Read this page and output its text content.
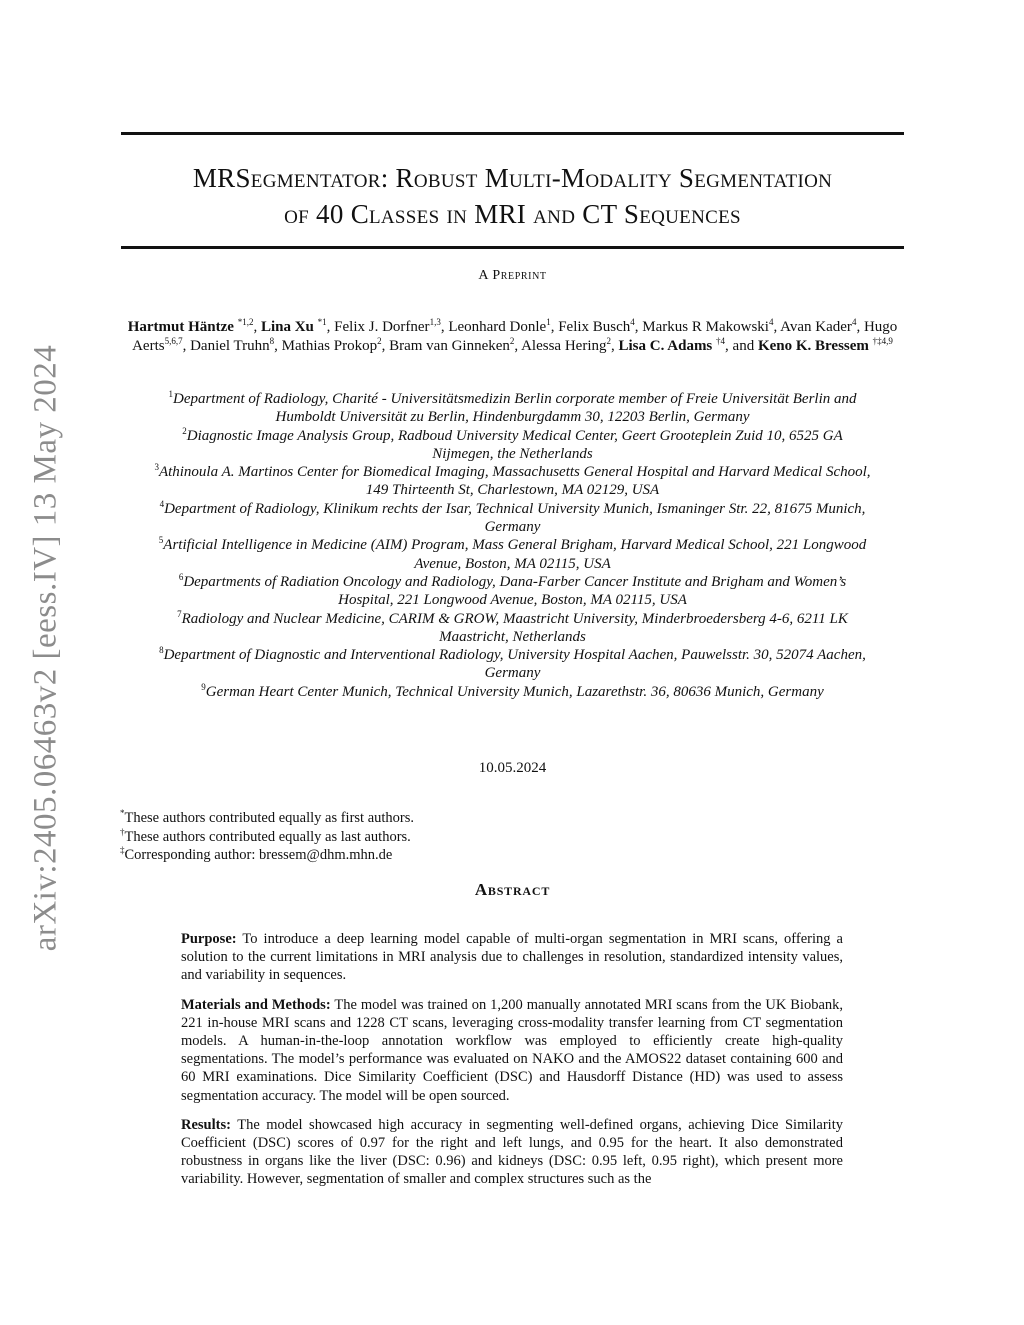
arXiv:2405.06463v2 [eess.IV] 13 May 2024
MRSegmentator: Robust Multi-Modality Segmentation
of 40 Classes in MRI and CT Sequences
A Preprint
Hartmut Häntze $^{*1,2}$, Lina Xu $^{*1}$, Felix J. Dorfner$^{1,3}$, Leonhard Donle$^1$, Felix Busch$^4$, Markus R Makowski$^4$, Avan Kader$^4$, Hugo Aerts$^{5,6,7}$, Daniel Truhn$^8$, Mathias Prokop$^2$, Bram van Ginneken$^2$, Alessa Hering$^2$, Lisa C. Adams $^{\dagger 4}$, and Keno K. Bressem $^{\dagger\ddagger 4,9}$
$^1$Department of Radiology, Charité - Universitätsmedizin Berlin corporate member of Freie Universität Berlin and
Humboldt Universität zu Berlin, Hindenburgdamm 30, 12203 Berlin, Germany
$^2$Diagnostic Image Analysis Group, Radboud University Medical Center, Geert Grooteplein Zuid 10, 6525 GA
Nijmegen, the Netherlands
$^3$Athinoula A. Martinos Center for Biomedical Imaging, Massachusetts General Hospital and Harvard Medical School,
149 Thirteenth St, Charlestown, MA 02129, USA
$^4$Department of Radiology, Klinikum rechts der Isar, Technical University Munich, Ismaninger Str. 22, 81675 Munich,
Germany
$^5$Artificial Intelligence in Medicine (AIM) Program, Mass General Brigham, Harvard Medical School, 221 Longwood
Avenue, Boston, MA 02115, USA
$^6$Departments of Radiation Oncology and Radiology, Dana-Farber Cancer Institute and Brigham and Women’s
Hospital, 221 Longwood Avenue, Boston, MA 02115, USA
$^7$Radiology and Nuclear Medicine, CARIM & GROW, Maastricht University, Minderbroedersberg 4-6, 6211 LK
Maastricht, Netherlands
$^8$Department of Diagnostic and Interventional Radiology, University Hospital Aachen, Pauwelsstr. 30, 52074 Aachen,
Germany
$^9$German Heart Center Munich, Technical University Munich, Lazarethstr. 36, 80636 Munich, Germany
10.05.2024
*These authors contributed equally as first authors.
†These authors contributed equally as last authors.
‡Corresponding author: bressem@dhm.mhn.de
Abstract

Purpose: To introduce a deep learning model capable of multi-organ segmentation in MRI scans, offering a solution to the current limitations in MRI analysis due to challenges in resolution, standardized intensity values, and variability in sequences.

Materials and Methods: The model was trained on 1,200 manually annotated MRI scans from the UK Biobank, 221 in-house MRI scans and 1228 CT scans, leveraging cross-modality transfer learning from CT segmentation models. A human-in-the-loop annotation workflow was employed to efficiently create high-quality segmentations. The model’s performance was evaluated on NAKO and the AMOS22 dataset containing 600 and 60 MRI examinations. Dice Similarity Coefficient (DSC) and Hausdorff Distance (HD) was used to assess segmentation accuracy. The model will be open sourced.

Results: The model showcased high accuracy in segmenting well-defined organs, achieving Dice Similarity Coefficient (DSC) scores of 0.97 for the right and left lungs, and 0.95 for the heart. It also demonstrated robustness in organs like the liver (DSC: 0.96) and kidneys (DSC: 0.95 left, 0.95 right), which present more variability. However, segmentation of smaller and complex structures such as the
